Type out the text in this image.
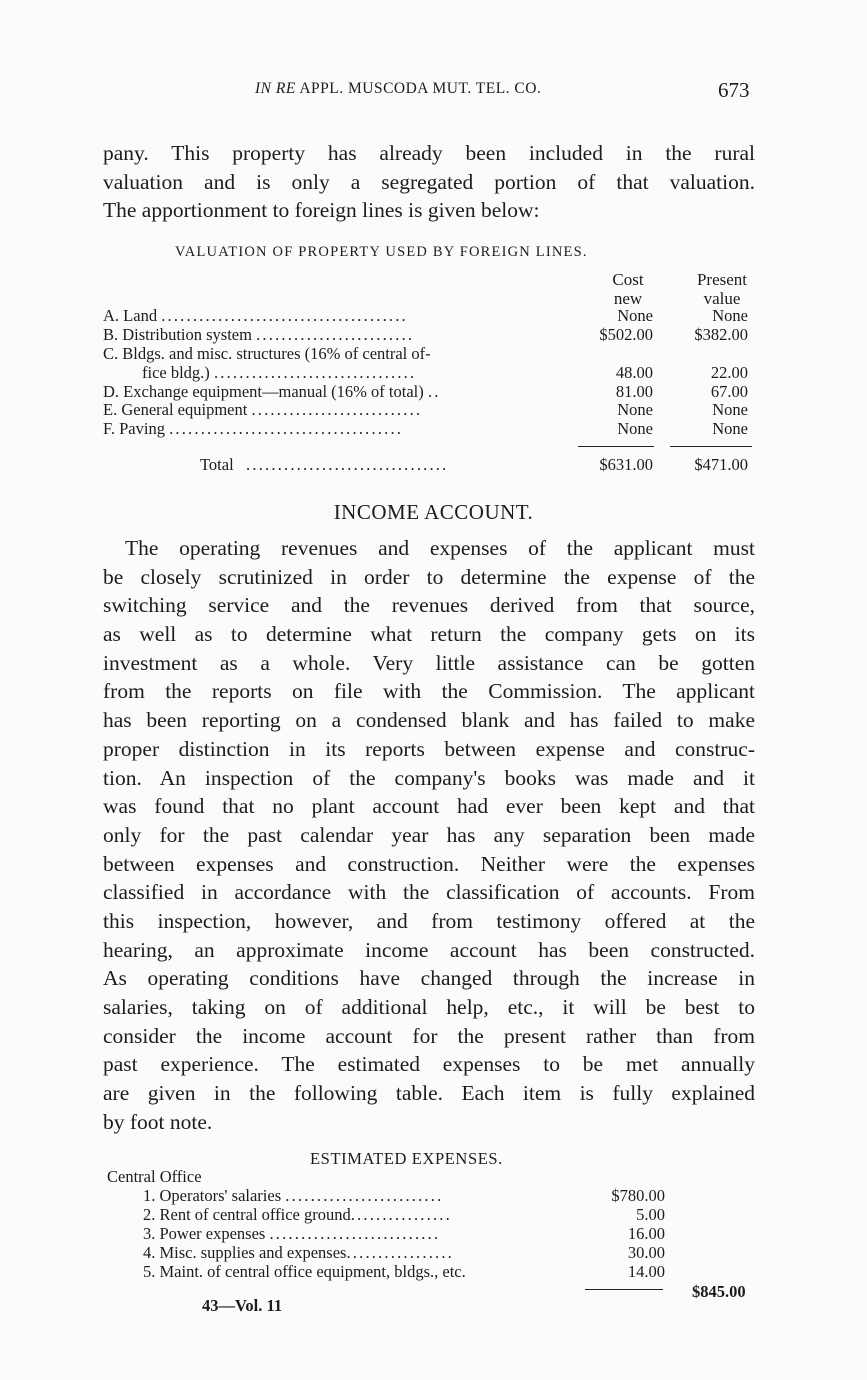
IN RE APPL. MUSCODA MUT. TEL. CO.	673
pany. This property has already been included in the rural
valuation and is only a segregated portion of that valuation.
The apportionment to foreign lines is given below:
VALUATION OF PROPERTY USED BY FOREIGN LINES.
Cost
new
Present
value
A. Land .......................................	None	None
B. Distribution system .........................	$502.00	$382.00
C. Bldgs. and misc. structures (16% of central of-
fice bldg.) ................................	48.00	22.00
D. Exchange equipment—manual (16% of total) ..	81.00	67.00
E. General equipment ...........................	None	None
F. Paving .....................................	None	None
Total ................................	$631.00	$471.00
INCOME ACCOUNT.
The operating revenues and expenses of the applicant must
be closely scrutinized in order to determine the expense of the
switching service and the revenues derived from that source,
as well as to determine what return the company gets on its
investment as a whole. Very little assistance can be gotten
from the reports on file with the Commission. The applicant
has been reporting on a condensed blank and has failed to make
proper distinction in its reports between expense and construc-
tion. An inspection of the company's books was made and it
was found that no plant account had ever been kept and that
only for the past calendar year has any separation been made
between expenses and construction. Neither were the expenses
classified in accordance with the classification of accounts. From
this inspection, however, and from testimony offered at the
hearing, an approximate income account has been constructed.
As operating conditions have changed through the increase in
salaries, taking on of additional help, etc., it will be best to
consider the income account for the present rather than from
past experience. The estimated expenses to be met annually
are given in the following table. Each item is fully explained
by foot note.
ESTIMATED EXPENSES.
Central Office
1. Operators' salaries .........................	$780.00
2. Rent of central office ground................	5.00
3. Power expenses ...........................	16.00
4. Misc. supplies and expenses.................	30.00
5. Maint. of central office equipment, bldgs., etc.	14.00
$845.00
43—Vol. 11
